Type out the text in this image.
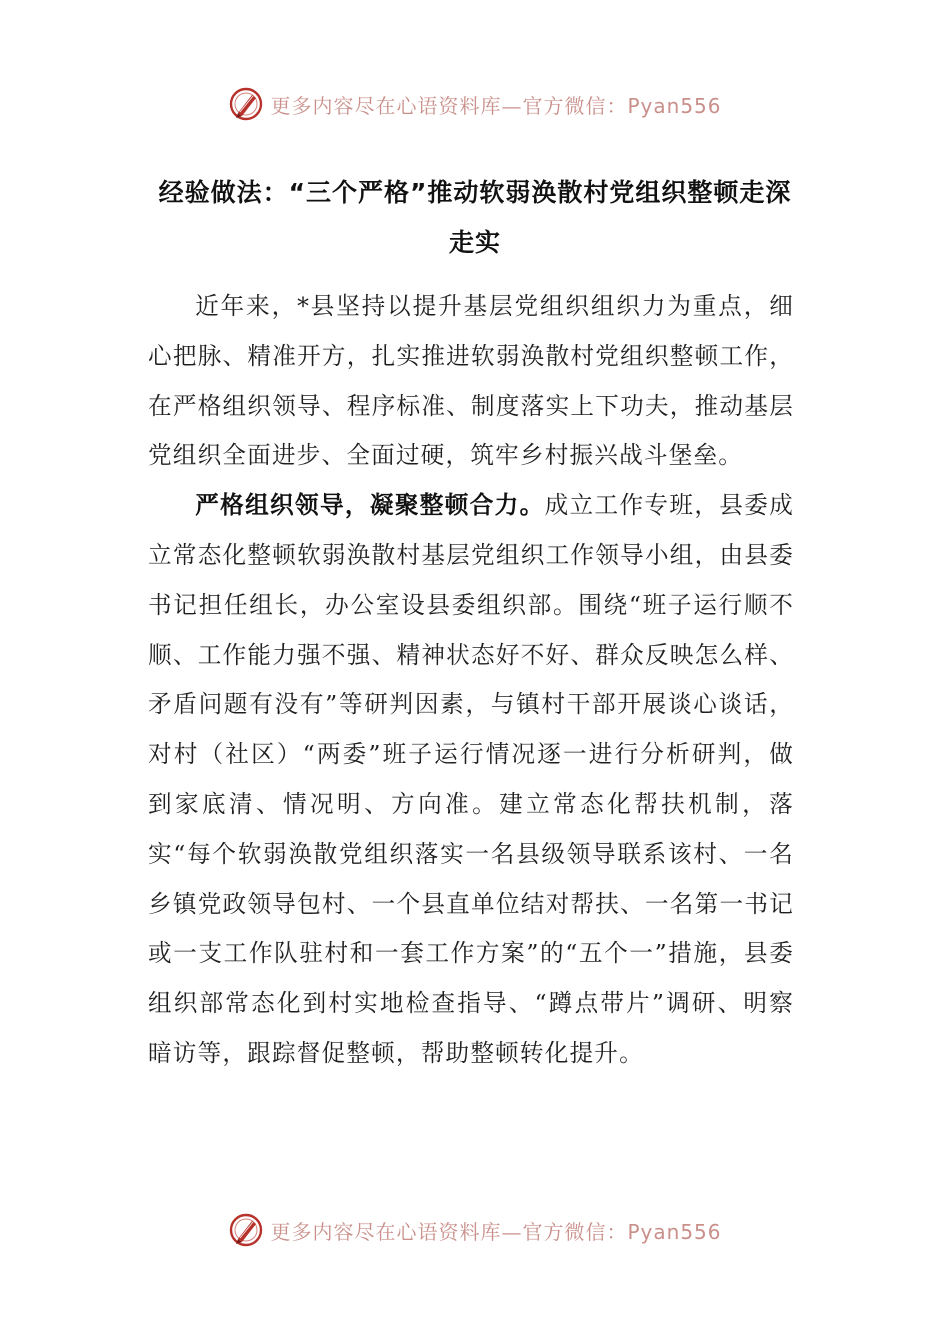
更多内容尽在心语资料库—官方微信：Pyan556
经验做法：“三个严格”推动软弱涣散村党组织整顿走深走实

近年来，*县坚持以提升基层党组织组织力为重点，细心把脉、精准开方，扎实推进软弱涣散村党组织整顿工作，在严格组织领导、程序标准、制度落实上下功夫，推动基层党组织全面进步、全面过硬，筑牢乡村振兴战斗堡垒。

严格组织领导，凝聚整顿合力。成立工作专班，县委成立常态化整顿软弱涣散村基层党组织工作领导小组，由县委书记担任组长，办公室设县委组织部。围绕“班子运行顺不顺、工作能力强不强、精神状态好不好、群众反映怎么样、矛盾问题有没有”等研判因素，与镇村干部开展谈心谈话，对村（社区）“两委”班子运行情况逐一进行分析研判，做到家底清、情况明、方向准。建立常态化帮扶机制，落实“每个软弱涣散党组织落实一名县级领导联系该村、一名乡镇党政领导包村、一个县直单位结对帮扶、一名第一书记或一支工作队驻村和一套工作方案”的“五个一”措施，县委组织部常态化到村实地检查指导、“蹲点带片”调研、明察暗访等，跟踪督促整顿，帮助整顿转化提升。

更多内容尽在心语资料库—官方微信：Pyan556
